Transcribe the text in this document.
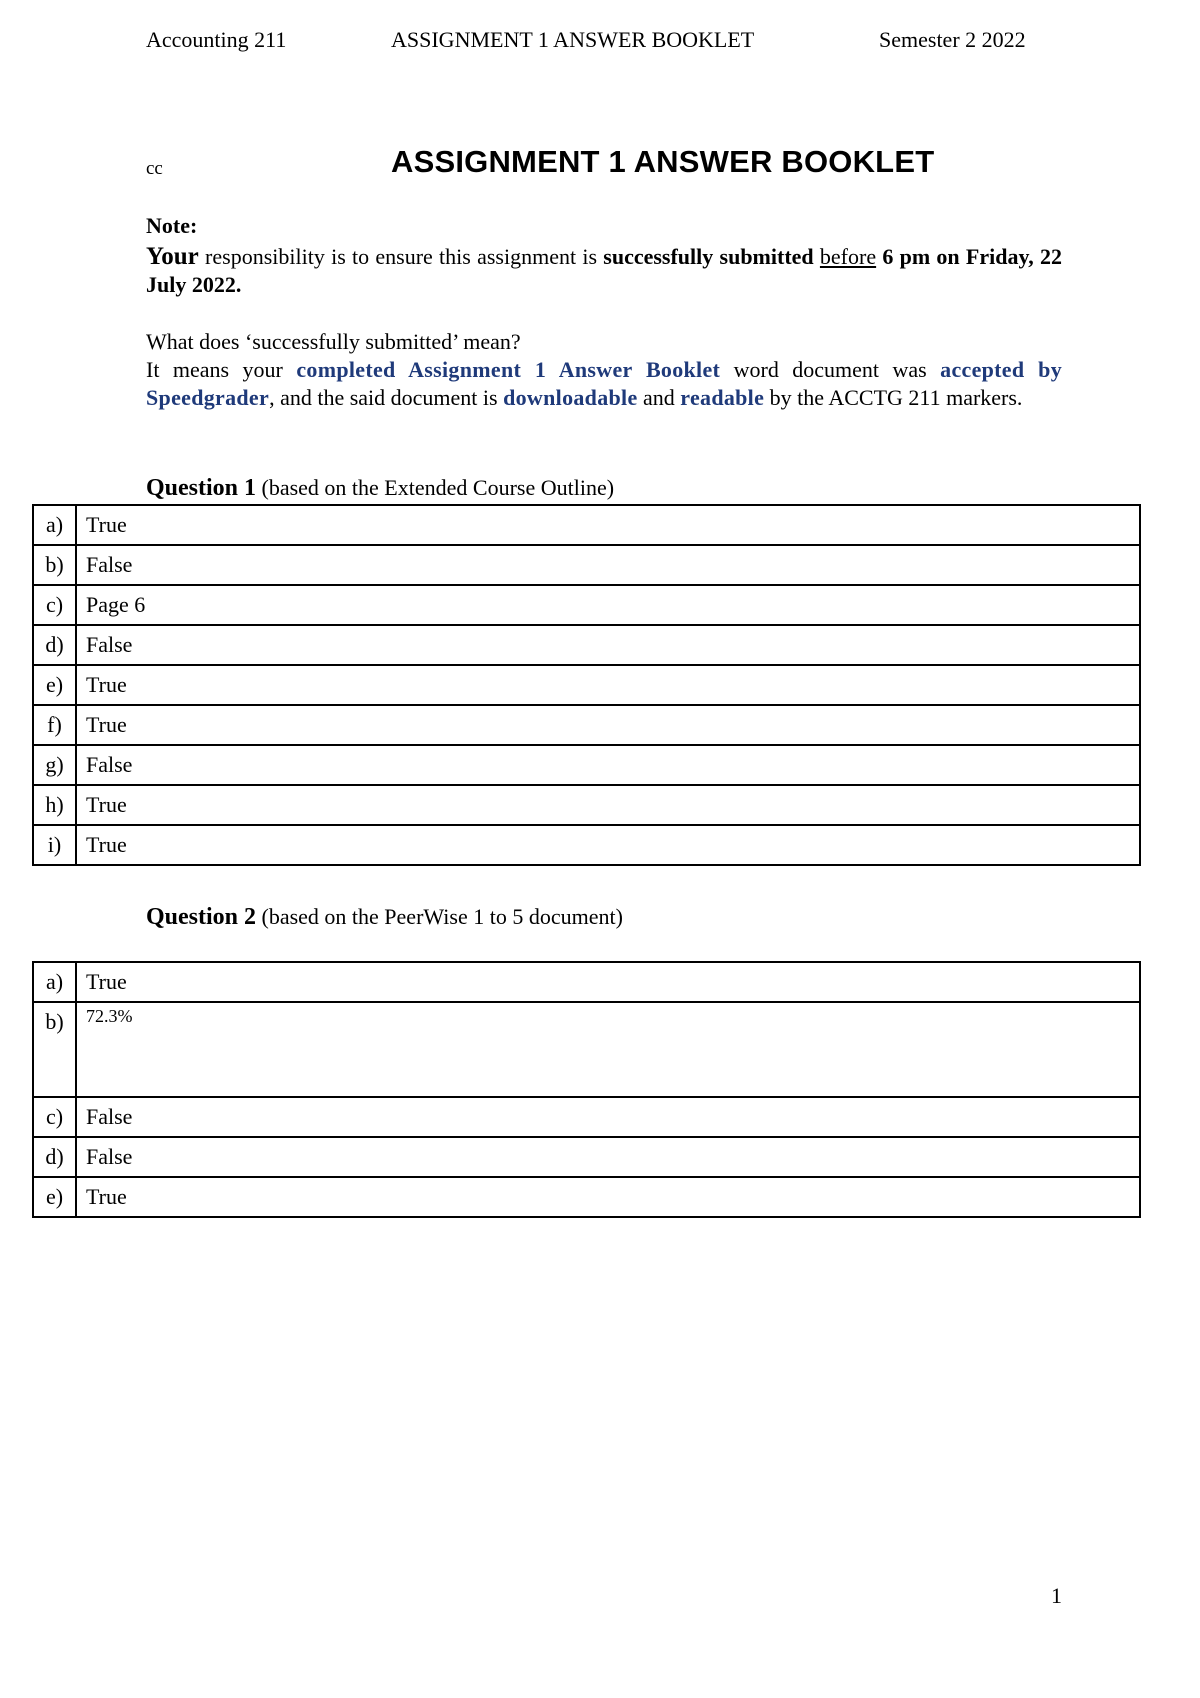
Accounting 211	ASSIGNMENT 1 ANSWER BOOKLET	Semester 2 2022
cc	ASSIGNMENT 1 ANSWER BOOKLET
Note:
Your responsibility is to ensure this assignment is successfully submitted before 6 pm on Friday, 22 July 2022.
What does ‘successfully submitted’ mean?
It means your completed Assignment 1 Answer Booklet word document was accepted by Speedgrader, and the said document is downloadable and readable by the ACCTG 211 markers.
Question 1 (based on the Extended Course Outline)
a)	True
b)	False
c)	Page 6
d)	False
e)	True
f)	True
g)	False
h)	True
i)	True
Question 2 (based on the PeerWise 1 to 5 document)
a)	True
b)	72.3%
c)	False
d)	False
e)	True
1
